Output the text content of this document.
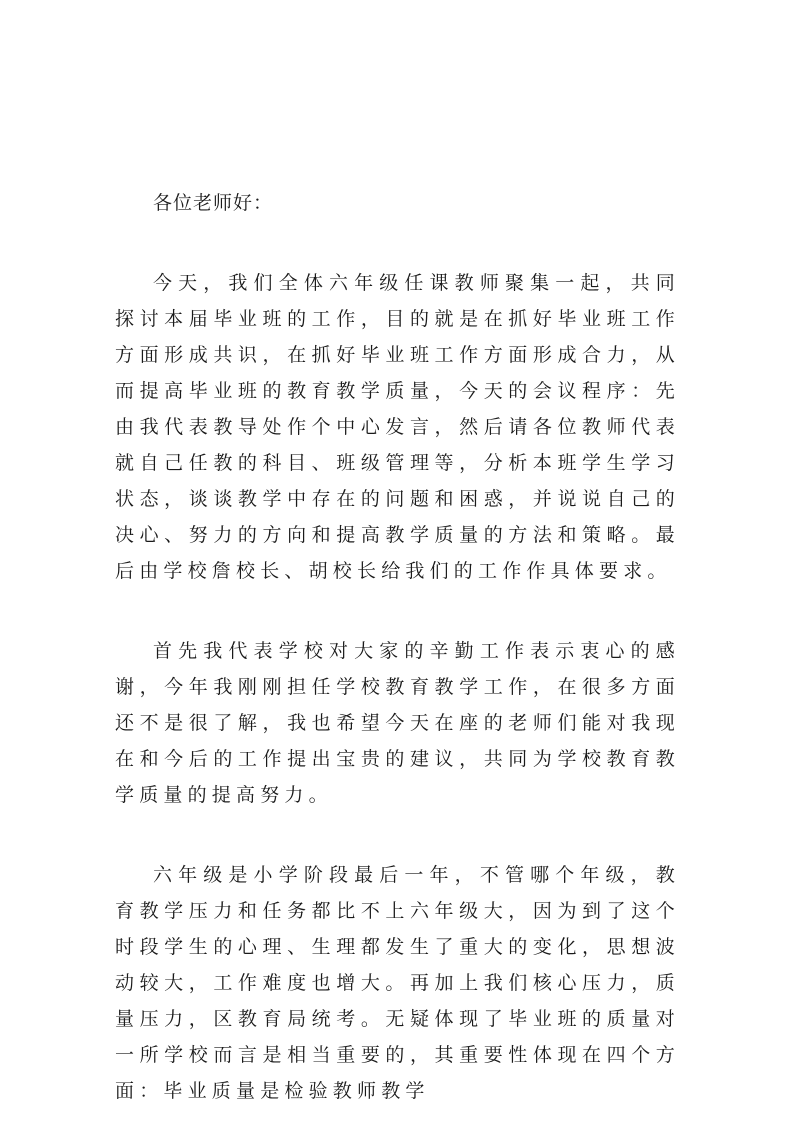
各位老师好：

今天，我们全体六年级任课教师聚集一起，共同探讨本届毕业班的工作，目的就是在抓好毕业班工作方面形成共识，在抓好毕业班工作方面形成合力，从而提高毕业班的教育教学质量，今天的会议程序：先由我代表教导处作个中心发言，然后请各位教师代表就自己任教的科目、班级管理等，分析本班学生学习状态，谈谈教学中存在的问题和困惑，并说说自己的决心、努力的方向和提高教学质量的方法和策略。最后由学校詹校长、胡校长给我们的工作作具体要求。

首先我代表学校对大家的辛勤工作表示衷心的感谢，今年我刚刚担任学校教育教学工作，在很多方面还不是很了解，我也希望今天在座的老师们能对我现在和今后的工作提出宝贵的建议，共同为学校教育教学质量的提高努力。

六年级是小学阶段最后一年，不管哪个年级，教育教学压力和任务都比不上六年级大，因为到了这个时段学生的心理、生理都发生了重大的变化，思想波动较大，工作难度也增大。再加上我们核心压力，质量压力，区教育局统考。无疑体现了毕业班的质量对一所学校而言是相当重要的，其重要性体现在四个方面：毕业质量是检验教师教学
